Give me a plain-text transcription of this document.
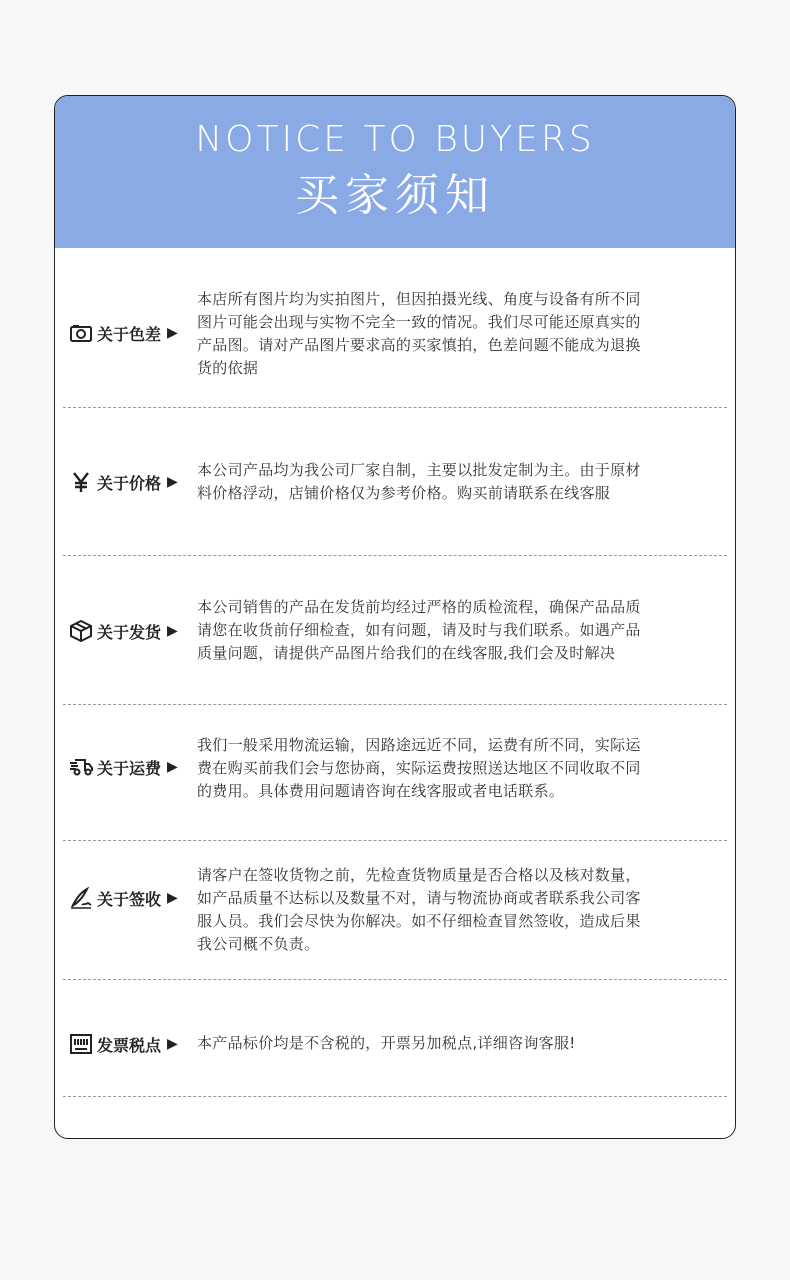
NOTICE TO BUYERS
买家须知
关于色差 ▶
本店所有图片均为实拍图片，但因拍摄光线、角度与设备有所不同
图片可能会出现与实物不完全一致的情况。我们尽可能还原真实的
产品图。请对产品图片要求高的买家慎拍，色差问题不能成为退换
货的依据
关于价格 ▶
本公司产品均为我公司厂家自制，主要以批发定制为主。由于原材
料价格浮动，店铺价格仅为参考价格。购买前请联系在线客服
关于发货 ▶
本公司销售的产品在发货前均经过严格的质检流程，确保产品品质
请您在收货前仔细检查，如有问题，请及时与我们联系。如遇产品
质量问题，请提供产品图片给我们的在线客服,我们会及时解决
关于运费 ▶
我们一般采用物流运输，因路途远近不同，运费有所不同，实际运
费在购买前我们会与您协商，实际运费按照送达地区不同收取不同
的费用。具体费用问题请咨询在线客服或者电话联系。
关于签收 ▶
请客户在签收货物之前，先检查货物质量是否合格以及核对数量，
如产品质量不达标以及数量不对，请与物流协商或者联系我公司客
服人员。我们会尽快为你解决。如不仔细检查冒然签收，造成后果
我公司概不负责。
发票税点 ▶ 本产品标价均是不含税的，开票另加税点,详细咨询客服!
